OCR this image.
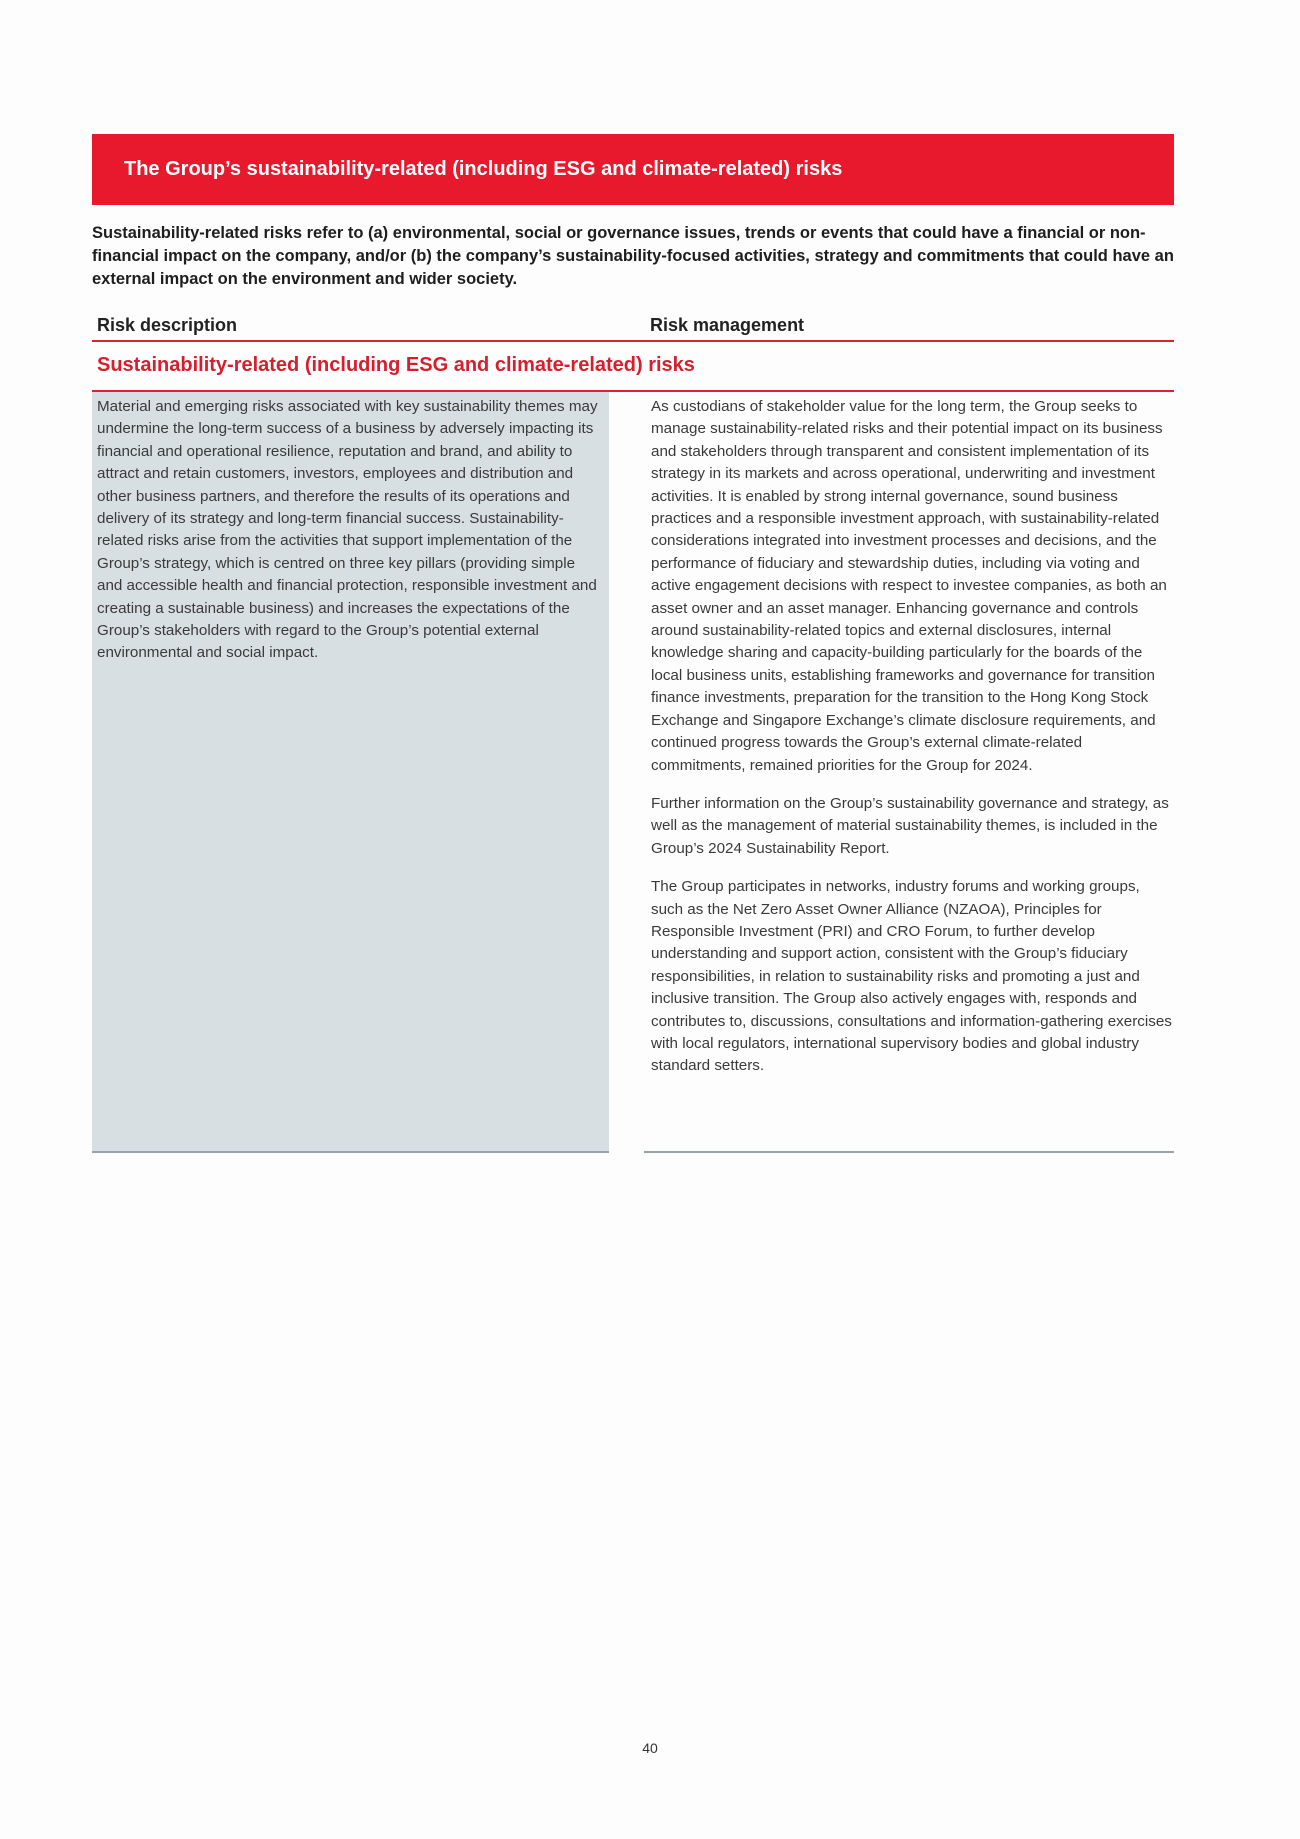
The Group’s sustainability-related (including ESG and climate-related) risks
Sustainability-related risks refer to (a) environmental, social or governance issues, trends or events that could have a financial or non-financial impact on the company, and/or (b) the company’s sustainability-focused activities, strategy and commitments that could have an external impact on the environment and wider society.
Risk description	Risk management
Sustainability-related (including ESG and climate-related) risks

Material and emerging risks associated with key sustainability themes may undermine the long-term success of a business by adversely impacting its financial and operational resilience, reputation and brand, and ability to attract and retain customers, investors, employees and distribution and other business partners, and therefore the results of its operations and delivery of its strategy and long-term financial success. Sustainability-related risks arise from the activities that support implementation of the Group’s strategy, which is centred on three key pillars (providing simple and accessible health and financial protection, responsible investment and creating a sustainable business) and increases the expectations of the Group’s stakeholders with regard to the Group’s potential external environmental and social impact.

As custodians of stakeholder value for the long term, the Group seeks to manage sustainability-related risks and their potential impact on its business and stakeholders through transparent and consistent implementation of its strategy in its markets and across operational, underwriting and investment activities. It is enabled by strong internal governance, sound business practices and a responsible investment approach, with sustainability-related considerations integrated into investment processes and decisions, and the performance of fiduciary and stewardship duties, including via voting and active engagement decisions with respect to investee companies, as both an asset owner and an asset manager. Enhancing governance and controls around sustainability-related topics and external disclosures, internal knowledge sharing and capacity-building particularly for the boards of the local business units, establishing frameworks and governance for transition finance investments, preparation for the transition to the Hong Kong Stock Exchange and Singapore Exchange’s climate disclosure requirements, and continued progress towards the Group’s external climate-related commitments, remained priorities for the Group for 2024.

Further information on the Group’s sustainability governance and strategy, as well as the management of material sustainability themes, is included in the Group’s 2024 Sustainability Report.

The Group participates in networks, industry forums and working groups, such as the Net Zero Asset Owner Alliance (NZAOA), Principles for Responsible Investment (PRI) and CRO Forum, to further develop understanding and support action, consistent with the Group’s fiduciary responsibilities, in relation to sustainability risks and promoting a just and inclusive transition. The Group also actively engages with, responds and contributes to, discussions, consultations and information-gathering exercises with local regulators, international supervisory bodies and global industry standard setters.

40
